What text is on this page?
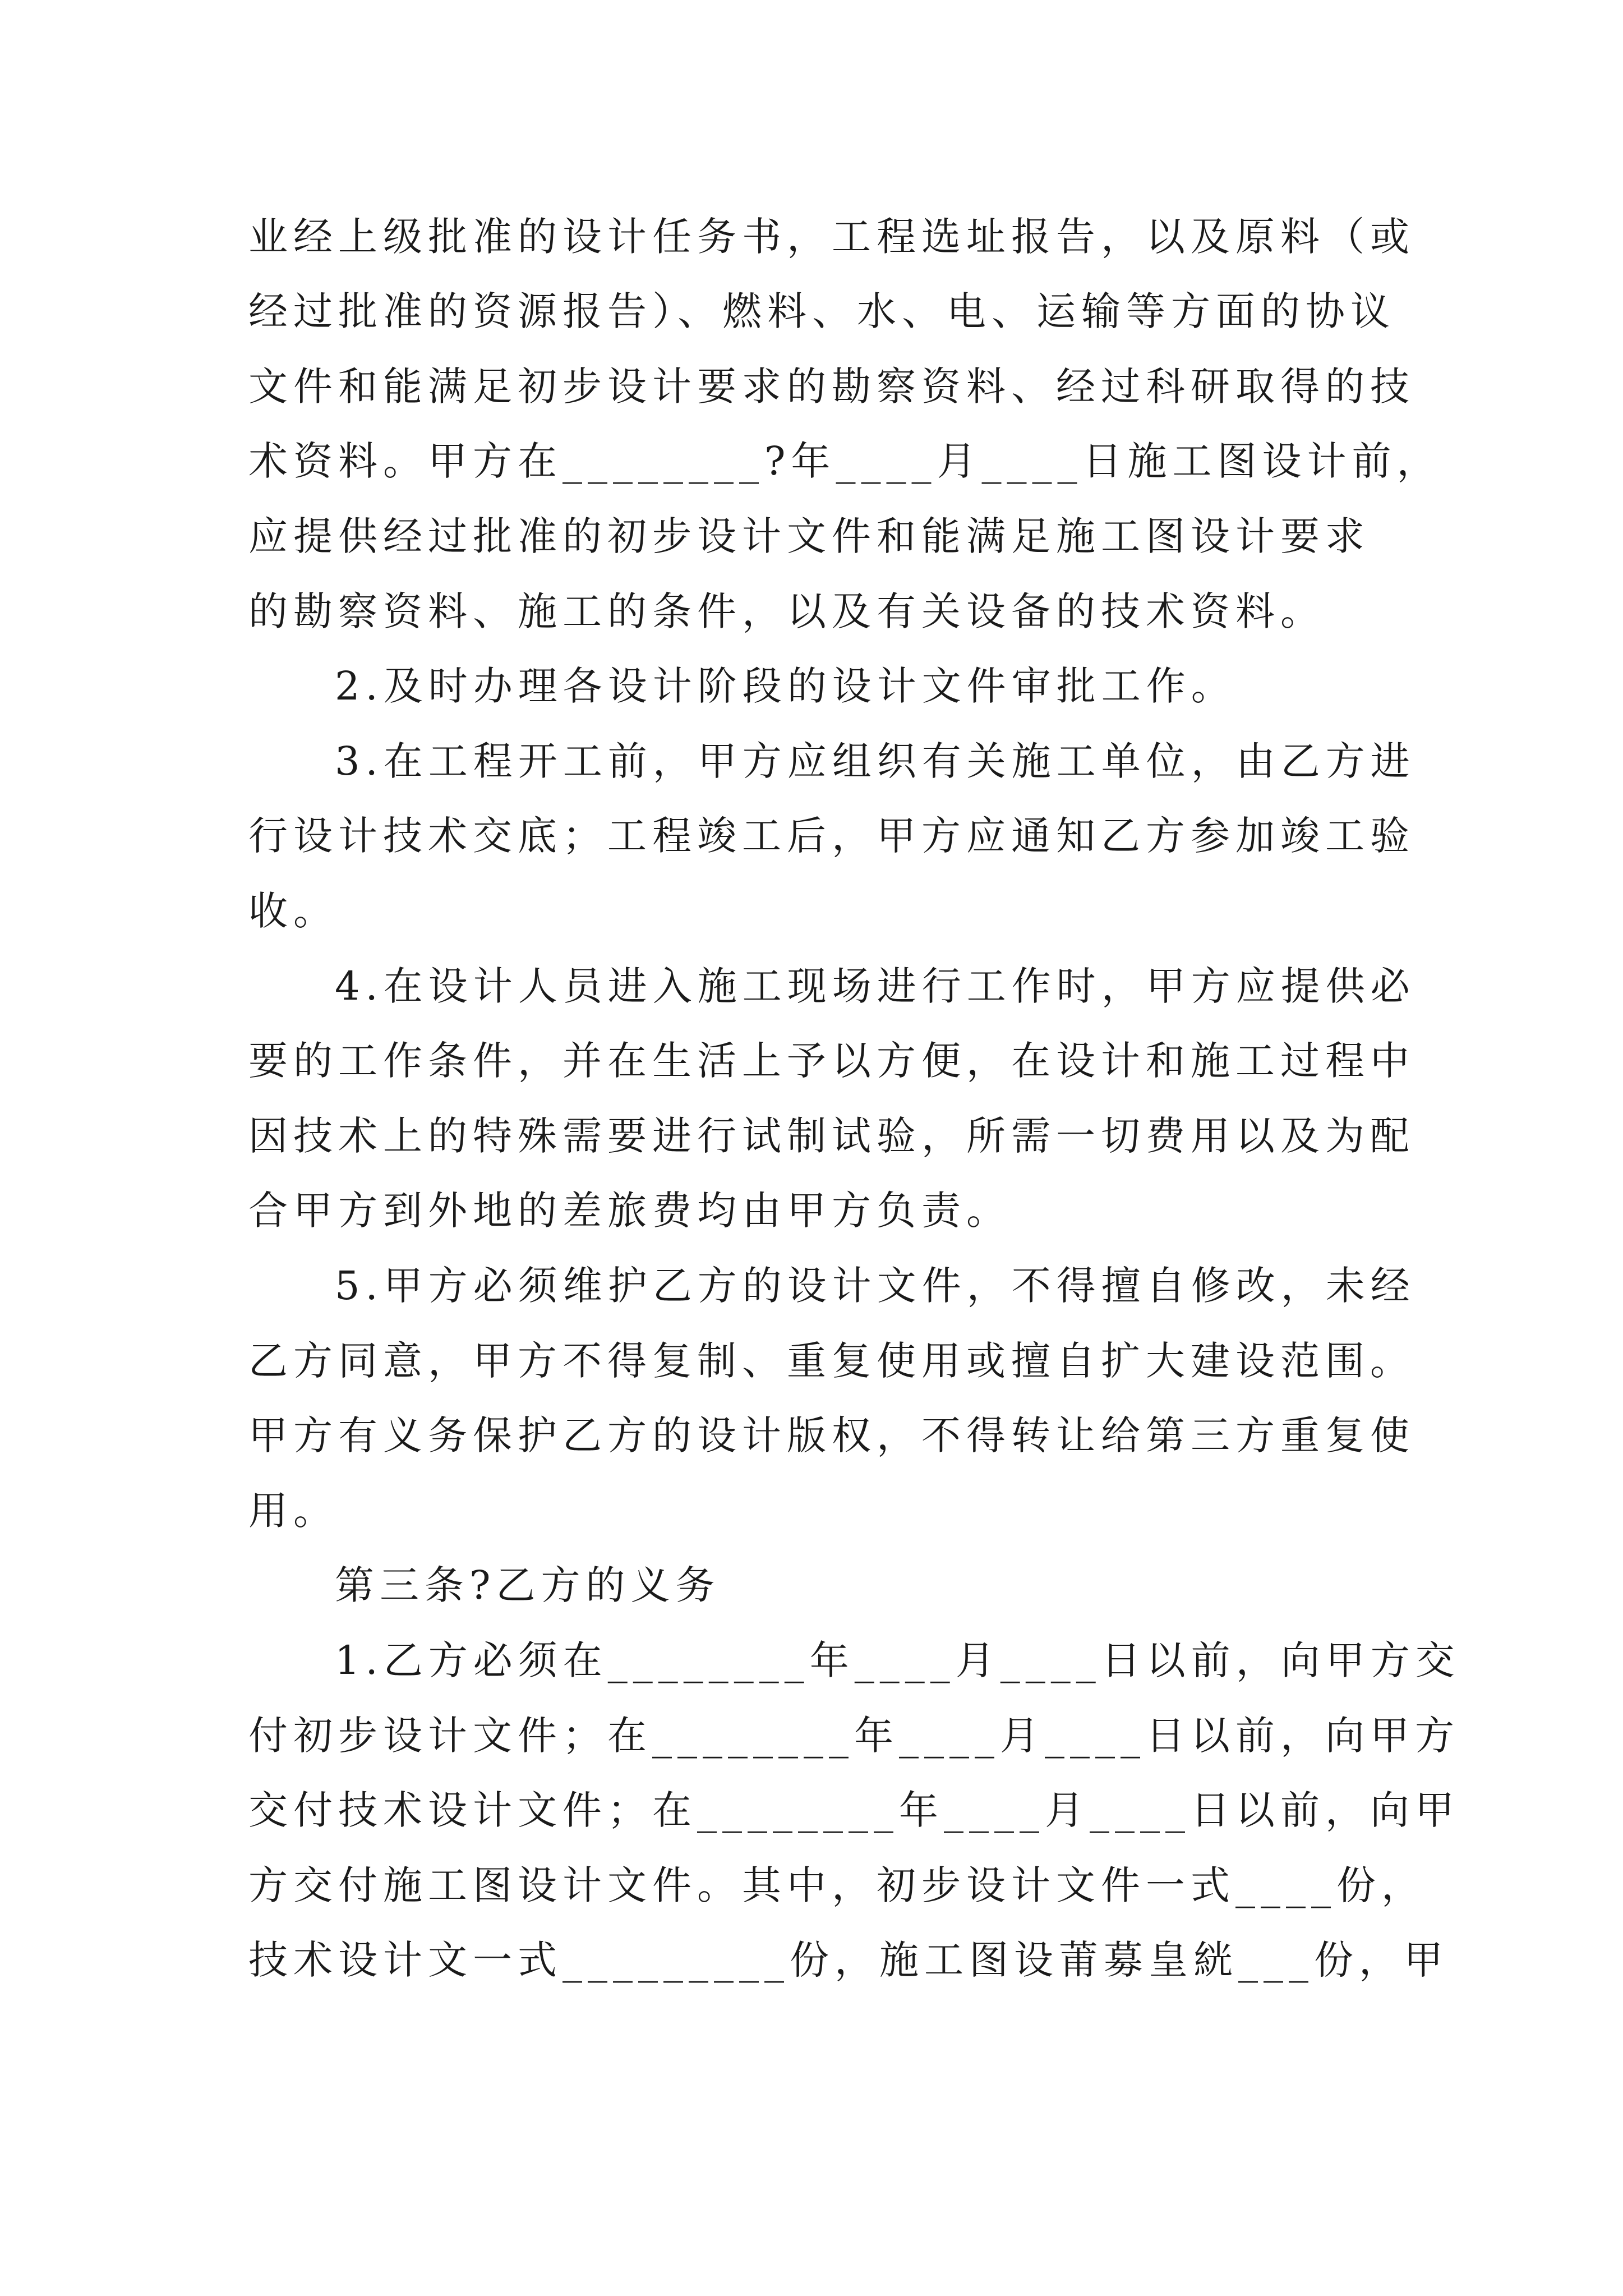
业经上级批准的设计任务书，工程选址报告，以及原料（或
经过批准的资源报告）、燃料、水、电、运输等方面的协议
文件和能满足初步设计要求的勘察资料、经过科研取得的技
术资料。甲方在________?年____月____日施工图设计前，
应提供经过批准的初步设计文件和能满足施工图设计要求
的勘察资料、施工的条件，以及有关设备的技术资料。
2.及时办理各设计阶段的设计文件审批工作。
3.在工程开工前，甲方应组织有关施工单位，由乙方进
行设计技术交底；工程竣工后，甲方应通知乙方参加竣工验
收。
4.在设计人员进入施工现场进行工作时，甲方应提供必
要的工作条件，并在生活上予以方便，在设计和施工过程中
因技术上的特殊需要进行试制试验，所需一切费用以及为配
合甲方到外地的差旅费均由甲方负责。
5.甲方必须维护乙方的设计文件，不得擅自修改，未经
乙方同意，甲方不得复制、重复使用或擅自扩大建设范围。
甲方有义务保护乙方的设计版权，不得转让给第三方重复使
用。
第三条?乙方的义务
1.乙方必须在________年____月____日以前，向甲方交
付初步设计文件；在________年____月____日以前，向甲方
交付技术设计文件；在________年____月____日以前，向甲
方交付施工图设计文件。其中，初步设计文件一式____份，
技术设计文一式_________份，施工图设莆募皇絖___份，甲
